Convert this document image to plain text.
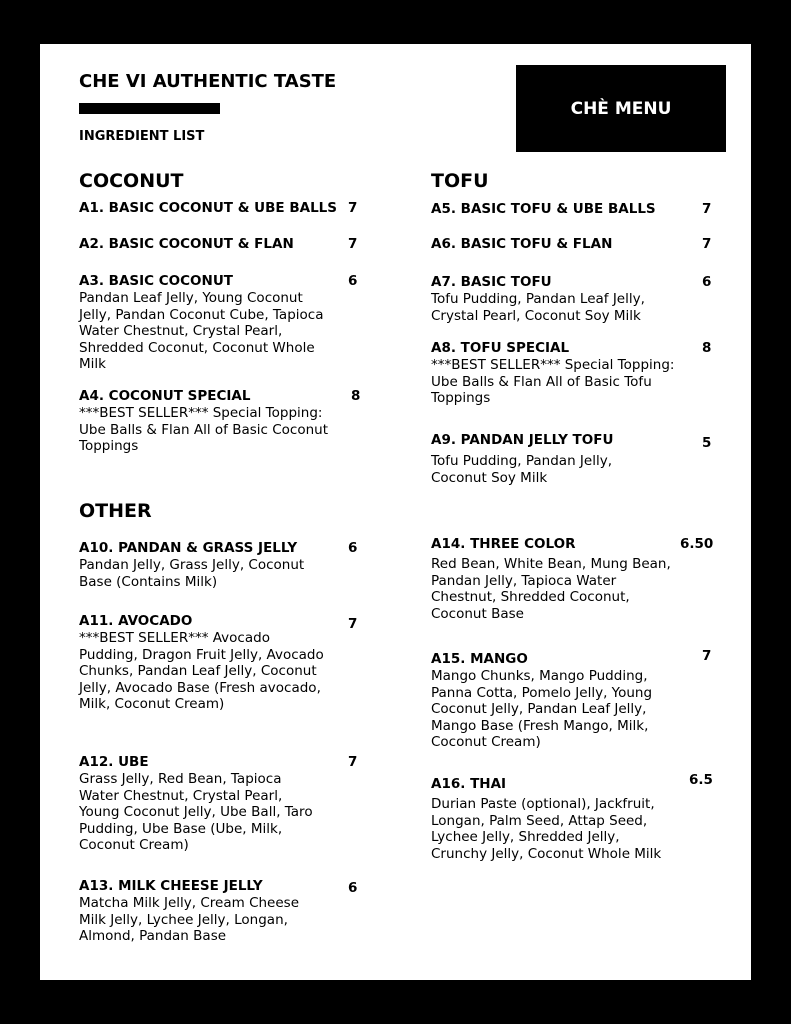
CHE VI AUTHENTIC TASTE
INGREDIENT LIST
CHÈ MENU
COCONUT
A1. BASIC COCONUT & UBE BALLS 7
A2. BASIC COCONUT & FLAN	7
A3. BASIC COCONUT	6
Pandan Leaf Jelly, Young Coconut Jelly, Pandan Coconut Cube, Tapioca Water Chestnut, Crystal Pearl, Shredded Coconut, Coconut Whole Milk
A4. COCONUT SPECIAL	8
***BEST SELLER*** Special Topping: Ube Balls & Flan All of Basic Coconut Toppings
TOFU
A5. BASIC TOFU & UBE BALLS	7
A6. BASIC TOFU & FLAN	7
A7. BASIC TOFU	6
Tofu Pudding, Pandan Leaf Jelly, Crystal Pearl, Coconut Soy Milk
A8. TOFU SPECIAL	8
***BEST SELLER*** Special Topping: Ube Balls & Flan All of Basic Tofu Toppings
A9. PANDAN JELLY TOFU	5
Tofu Pudding, Pandan Jelly, Coconut Soy Milk
OTHER
A10. PANDAN & GRASS JELLY	6
Pandan Jelly, Grass Jelly, Coconut Base (Contains Milk)
A11. AVOCADO	7
***BEST SELLER*** Avocado Pudding, Dragon Fruit Jelly, Avocado Chunks, Pandan Leaf Jelly, Coconut Jelly, Avocado Base (Fresh avocado, Milk, Coconut Cream)
A12. UBE	7
Grass Jelly, Red Bean, Tapioca Water Chestnut, Crystal Pearl, Young Coconut Jelly, Ube Ball, Taro Pudding, Ube Base (Ube, Milk, Coconut Cream)
A13. MILK CHEESE JELLY	6
Matcha Milk Jelly, Cream Cheese Milk Jelly, Lychee Jelly, Longan, Almond, Pandan Base
A14. THREE COLOR	6.50
Red Bean, White Bean, Mung Bean, Pandan Jelly, Tapioca Water Chestnut, Shredded Coconut, Coconut Base
A15. MANGO	7
Mango Chunks, Mango Pudding, Panna Cotta, Pomelo Jelly, Young Coconut Jelly, Pandan Leaf Jelly, Mango Base (Fresh Mango, Milk, Coconut Cream)
A16. THAI	6.5
Durian Paste (optional), Jackfruit, Longan, Palm Seed, Attap Seed, Lychee Jelly, Shredded Jelly, Crunchy Jelly, Coconut Whole Milk
